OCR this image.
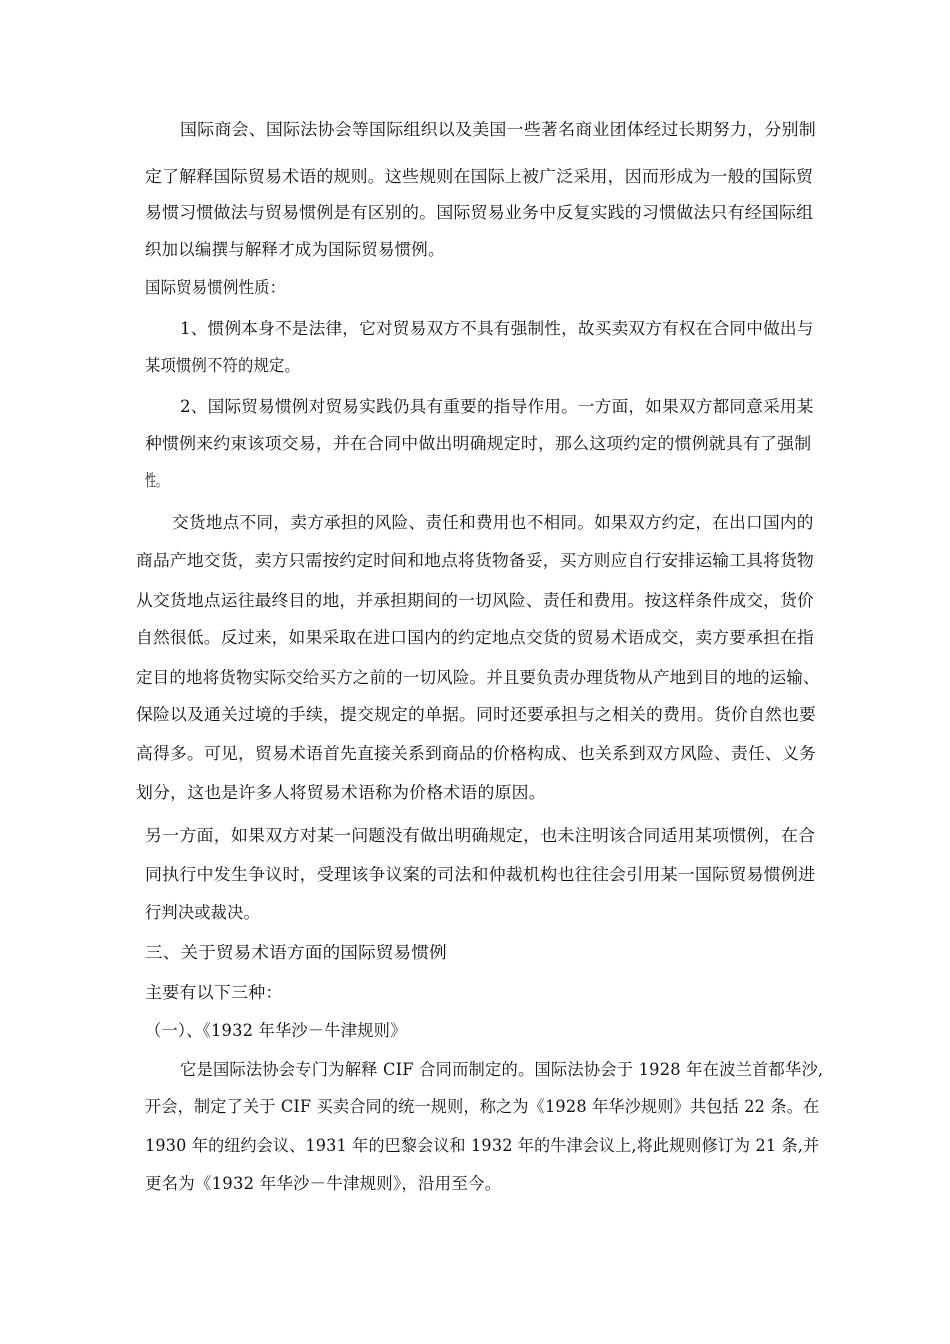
国际商会、国际法协会等国际组织以及美国一些著名商业团体经过长期努力，分别制
定了解释国际贸易术语的规则。这些规则在国际上被广泛采用，因而形成为一般的国际贸
易惯习惯做法与贸易惯例是有区别的。国际贸易业务中反复实践的习惯做法只有经国际组
织加以编撰与解释才成为国际贸易惯例。
国际贸易惯例性质：
1、惯例本身不是法律，它对贸易双方不具有强制性，故买卖双方有权在合同中做出与
某项惯例不符的规定。
2、国际贸易惯例对贸易实践仍具有重要的指导作用。一方面，如果双方都同意采用某
种惯例来约束该项交易，并在合同中做出明确规定时，那么这项约定的惯例就具有了强制
性。
交货地点不同，卖方承担的风险、责任和费用也不相同。如果双方约定，在出口国内的
商品产地交货，卖方只需按约定时间和地点将货物备妥，买方则应自行安排运输工具将货物
从交货地点运往最终目的地，并承担期间的一切风险、责任和费用。按这样条件成交，货价
自然很低。反过来，如果采取在进口国内的约定地点交货的贸易术语成交，卖方要承担在指
定目的地将货物实际交给买方之前的一切风险。并且要负责办理货物从产地到目的地的运输、
保险以及通关过境的手续，提交规定的单据。同时还要承担与之相关的费用。货价自然也要
高得多。可见，贸易术语首先直接关系到商品的价格构成、也关系到双方风险、责任、义务
划分，这也是许多人将贸易术语称为价格术语的原因。
另一方面，如果双方对某一问题没有做出明确规定，也未注明该合同适用某项惯例，在合
同执行中发生争议时，受理该争议案的司法和仲裁机构也往往会引用某一国际贸易惯例进
行判决或裁决。
三、关于贸易术语方面的国际贸易惯例
主要有以下三种：
（一）、《1932 年华沙－牛津规则》
它是国际法协会专门为解释 CIF 合同而制定的。国际法协会于 1928 年在波兰首都华沙,
开会，制定了关于 CIF 买卖合同的统一规则，称之为《1928 年华沙规则》共包括 22 条。在
1930 年的纽约会议、1931 年的巴黎会议和 1932 年的牛津会议上,将此规则修订为 21 条,并
更名为《1932 年华沙－牛津规则》，沿用至今。
